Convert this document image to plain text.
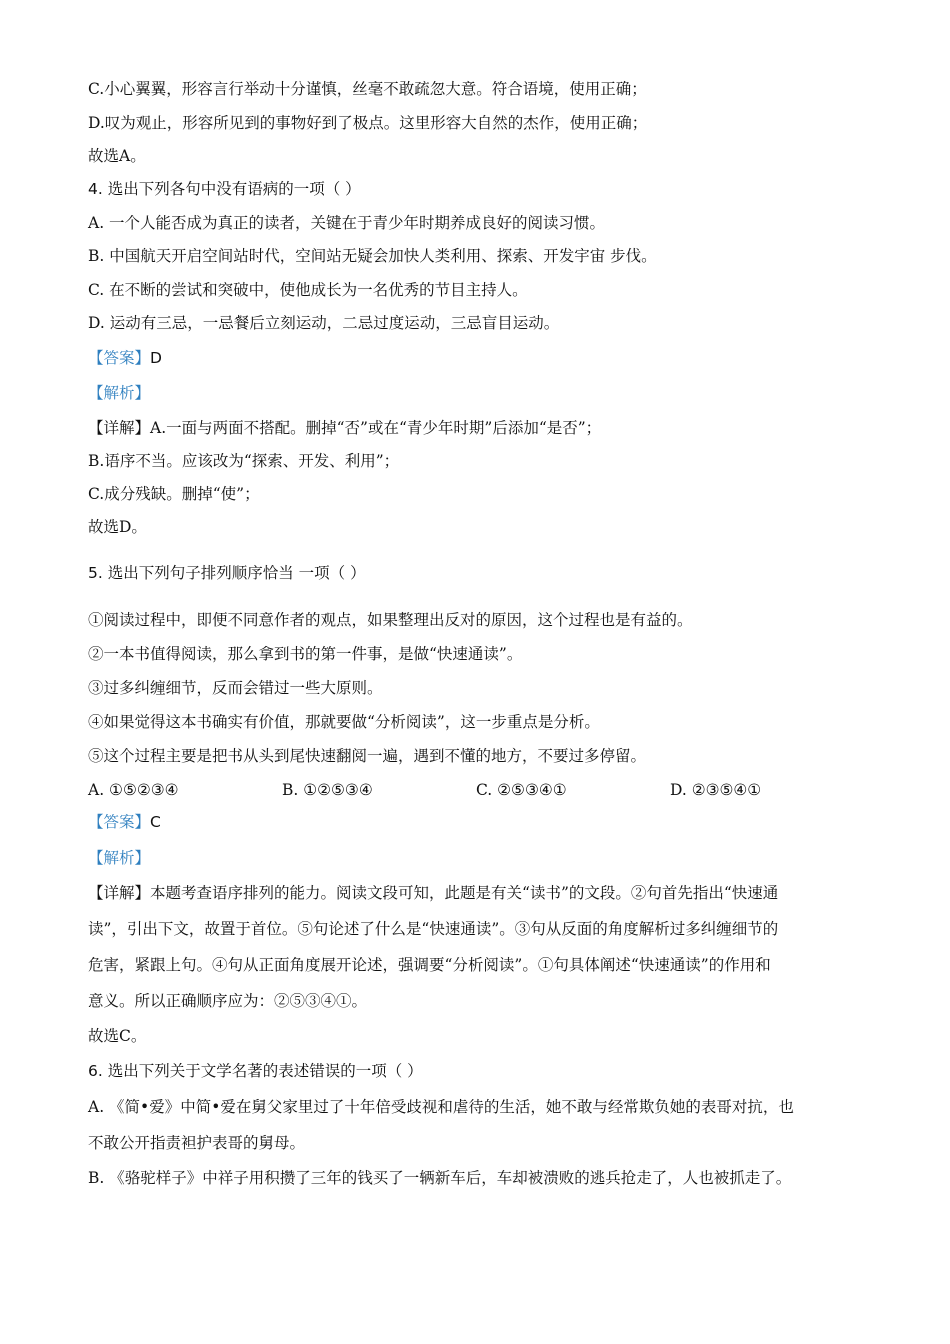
C.小心翼翼，形容言行举动十分谨慎，丝毫不敢疏忽大意。符合语境，使用正确；
D.叹为观止，形容所见到的事物好到了极点。这里形容大自然的杰作，使用正确；
故选A。
4. 选出下列各句中没有语病的一项（ ）
A. 一个人能否成为真正的读者，关键在于青少年时期养成良好的阅读习惯。
B. 中国航天开启空间站时代，空间站无疑会加快人类利用、探索、开发宇宙 步伐。
C. 在不断的尝试和突破中，使他成长为一名优秀的节目主持人。
D. 运动有三忌，一忌餐后立刻运动，二忌过度运动，三忌盲目运动。
【答案】D
【解析】
【详解】A.一面与两面不搭配。删掉“否”或在“青少年时期”后添加“是否”；
B.语序不当。应该改为“探索、开发、利用”；
C.成分残缺。删掉“使”；
故选D。
5. 选出下列句子排列顺序恰当 一项（ ）
①阅读过程中，即便不同意作者的观点，如果整理出反对的原因，这个过程也是有益的。
②一本书值得阅读，那么拿到书的第一件事，是做“快速通读”。
③过多纠缠细节，反而会错过一些大原则。
④如果觉得这本书确实有价值，那就要做“分析阅读”，这一步重点是分析。
⑤这个过程主要是把书从头到尾快速翻阅一遍，遇到不懂的地方，不要过多停留。
A. ①⑤②③④	B. ①②⑤③④	C. ②⑤③④①	D. ②③⑤④①
【答案】C
【解析】
【详解】本题考查语序排列的能力。阅读文段可知，此题是有关“读书”的文段。②句首先指出“快速通
读”，引出下文，故置于首位。⑤句论述了什么是“快速通读”。③句从反面的角度解析过多纠缠细节的
危害，紧跟上句。④句从正面角度展开论述，强调要“分析阅读”。①句具体阐述“快速通读”的作用和
意义。所以正确顺序应为：②⑤③④①。
故选C。
6. 选出下列关于文学名著的表述错误的一项（ ）
A. 《简•爱》中简•爱在舅父家里过了十年倍受歧视和虐待的生活，她不敢与经常欺负她的表哥对抗，也
不敢公开指责袒护表哥的舅母。
B. 《骆驼样子》中祥子用积攒了三年的钱买了一辆新车后，车却被溃败的逃兵抢走了，人也被抓走了。
